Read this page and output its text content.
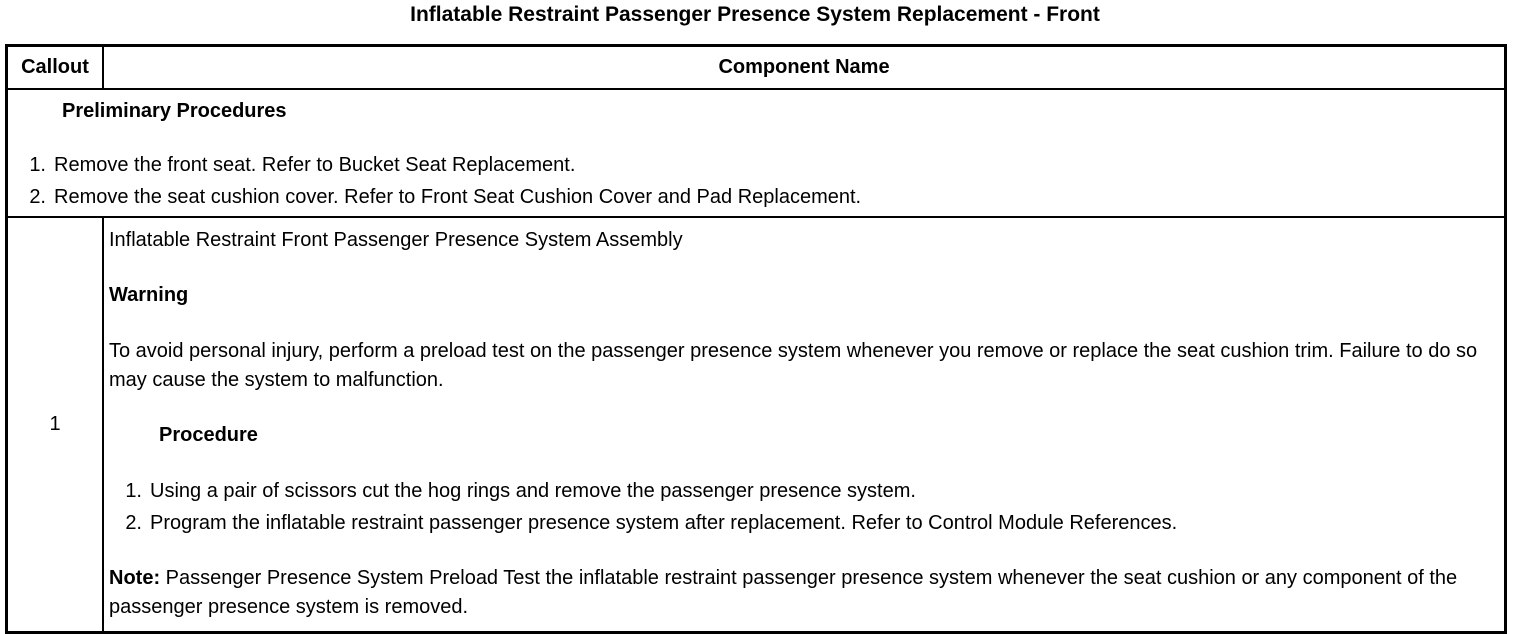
Inflatable Restraint Passenger Presence System Replacement - Front
Callout	Component Name
Preliminary Procedures
1. Remove the front seat. Refer to Bucket Seat Replacement.
2. Remove the seat cushion cover. Refer to Front Seat Cushion Cover and Pad Replacement.
1
Inflatable Restraint Front Passenger Presence System Assembly
Warning
To avoid personal injury, perform a preload test on the passenger presence system whenever you remove or replace the seat cushion trim. Failure to do so may cause the system to malfunction.
Procedure
1. Using a pair of scissors cut the hog rings and remove the passenger presence system.
2. Program the inflatable restraint passenger presence system after replacement. Refer to Control Module References.
Note: Passenger Presence System Preload Test the inflatable restraint passenger presence system whenever the seat cushion or any component of the passenger presence system is removed.
